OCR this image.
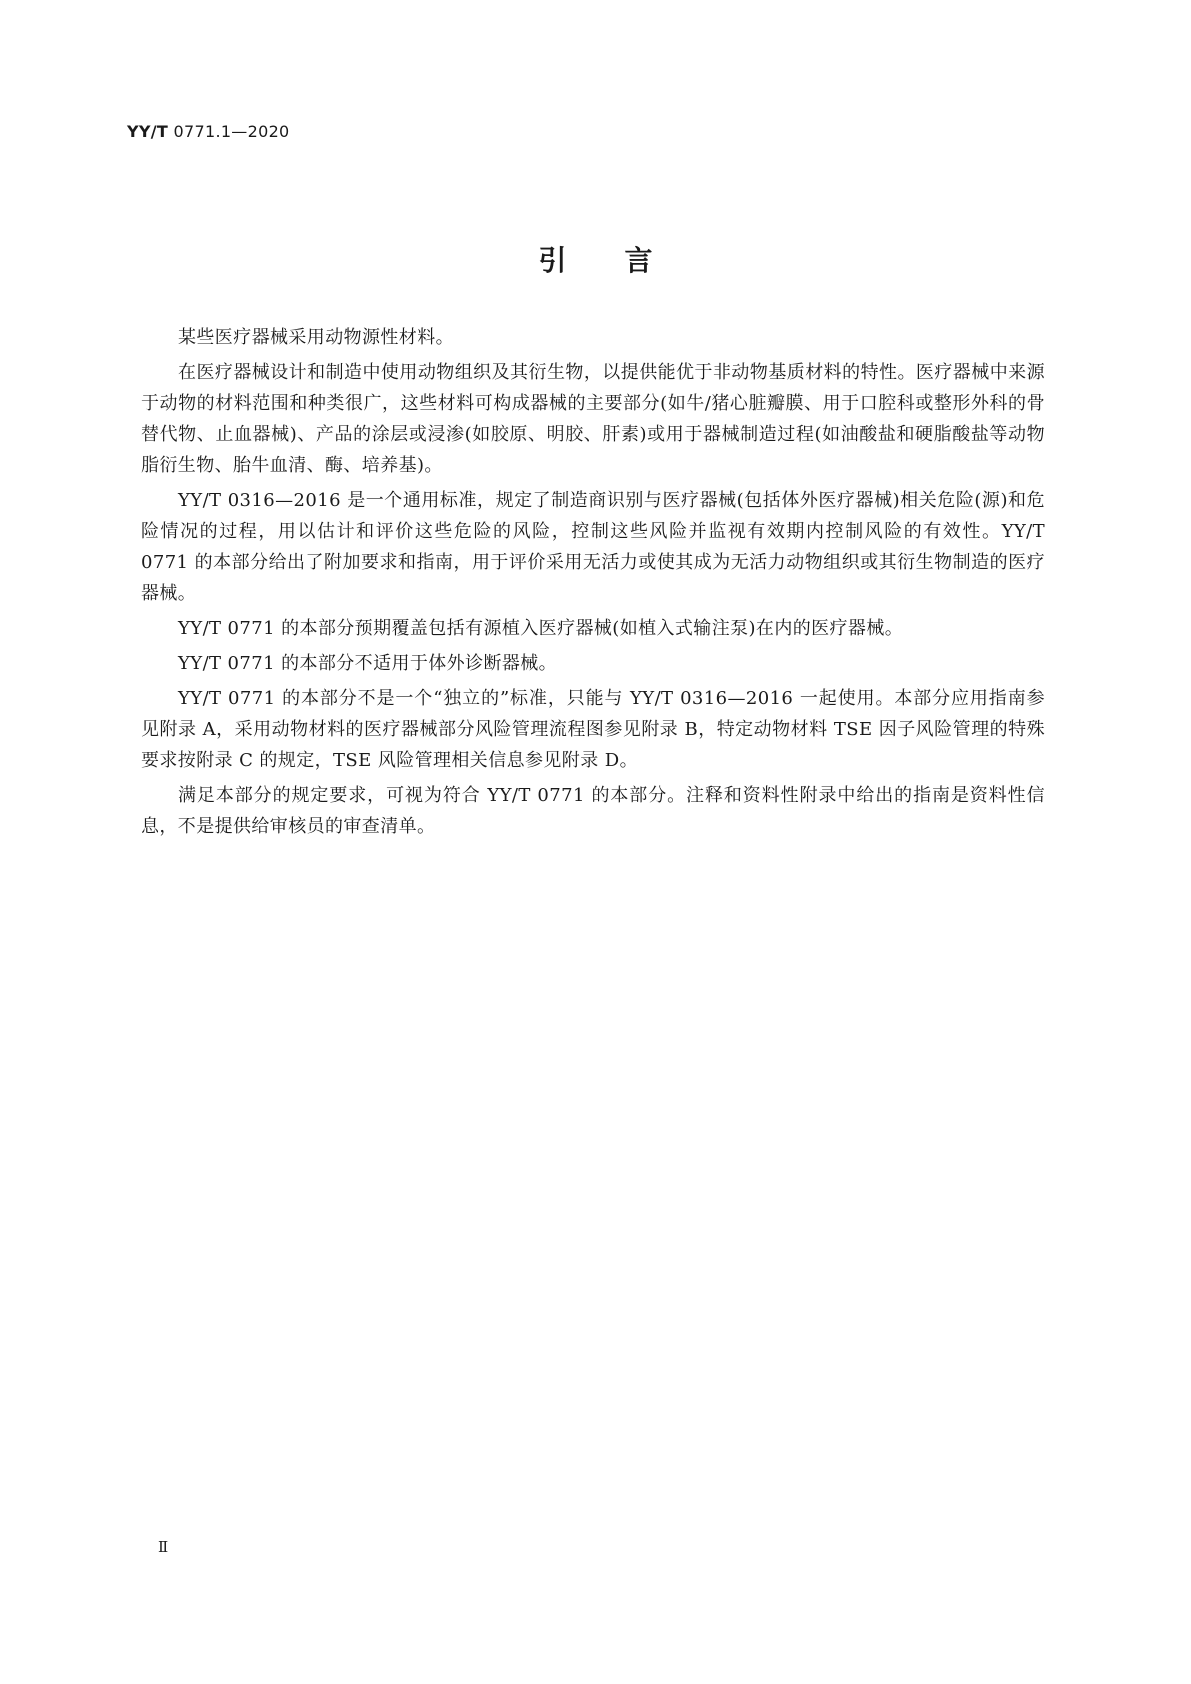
YY/T 0771.1—2020
引言

某些医疗器械采用动物源性材料。

在医疗器械设计和制造中使用动物组织及其衍生物，以提供能优于非动物基质材料的特性。医疗器械中来源于动物的材料范围和种类很广，这些材料可构成器械的主要部分(如牛/猪心脏瓣膜、用于口腔科或整形外科的骨替代物、止血器械)、产品的涂层或浸渗(如胶原、明胶、肝素)或用于器械制造过程(如油酸盐和硬脂酸盐等动物脂衍生物、胎牛血清、酶、培养基)。

YY/T 0316—2016 是一个通用标准，规定了制造商识别与医疗器械(包括体外医疗器械)相关危险(源)和危险情况的过程，用以估计和评价这些危险的风险，控制这些风险并监视有效期内控制风险的有效性。YY/T 0771 的本部分给出了附加要求和指南，用于评价采用无活力或使其成为无活力动物组织或其衍生物制造的医疗器械。

YY/T 0771 的本部分预期覆盖包括有源植入医疗器械(如植入式输注泵)在内的医疗器械。

YY/T 0771 的本部分不适用于体外诊断器械。

YY/T 0771 的本部分不是一个“独立的”标准，只能与 YY/T 0316—2016 一起使用。本部分应用指南参见附录 A，采用动物材料的医疗器械部分风险管理流程图参见附录 B，特定动物材料 TSE 因子风险管理的特殊要求按附录 C 的规定，TSE 风险管理相关信息参见附录 D。

满足本部分的规定要求，可视为符合 YY/T 0771 的本部分。注释和资料性附录中给出的指南是资料性信息，不是提供给审核员的审查清单。

Ⅱ
